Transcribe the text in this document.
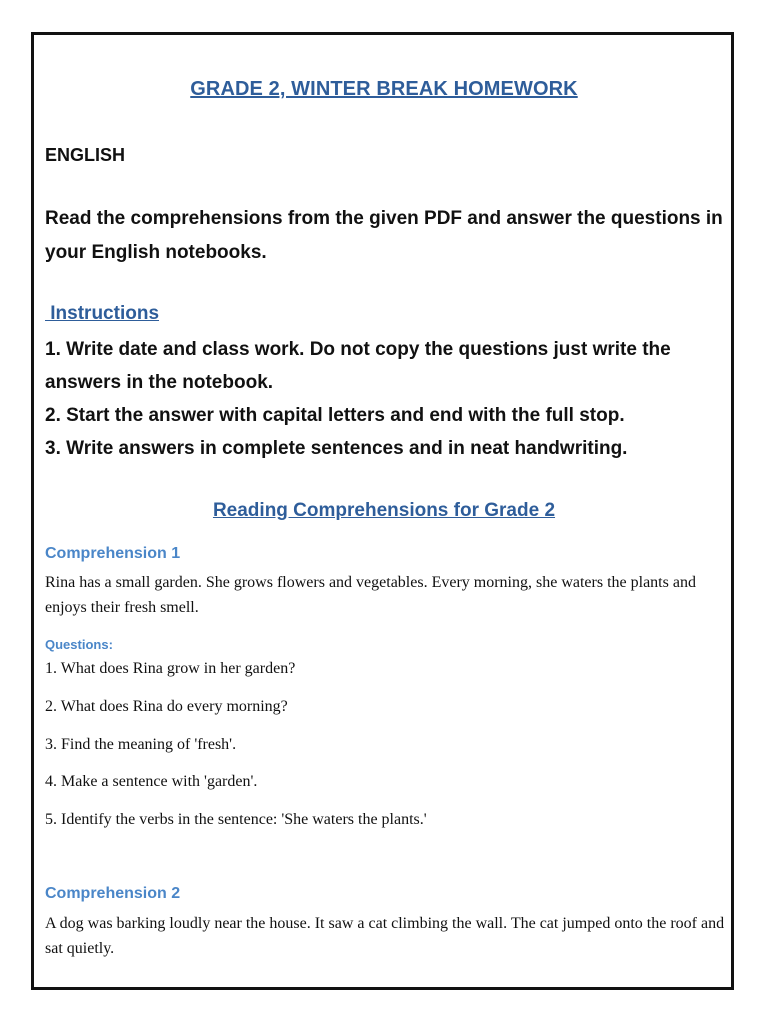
GRADE 2, WINTER BREAK HOMEWORK
ENGLISH
Read the comprehensions from the given PDF and answer the questions in your English notebooks.
Instructions
1. Write date and class work. Do not copy the questions just write the answers in the notebook.
2. Start the answer with capital letters and end with the full stop.
3. Write answers in complete sentences and in neat handwriting.
Reading Comprehensions for Grade 2
Comprehension 1
Rina has a small garden. She grows flowers and vegetables. Every morning, she waters the plants and enjoys their fresh smell.
Questions:
1. What does Rina grow in her garden?
2. What does Rina do every morning?
3. Find the meaning of 'fresh'.
4. Make a sentence with 'garden'.
5. Identify the verbs in the sentence: 'She waters the plants.'
Comprehension 2
A dog was barking loudly near the house. It saw a cat climbing the wall. The cat jumped onto the roof and sat quietly.
